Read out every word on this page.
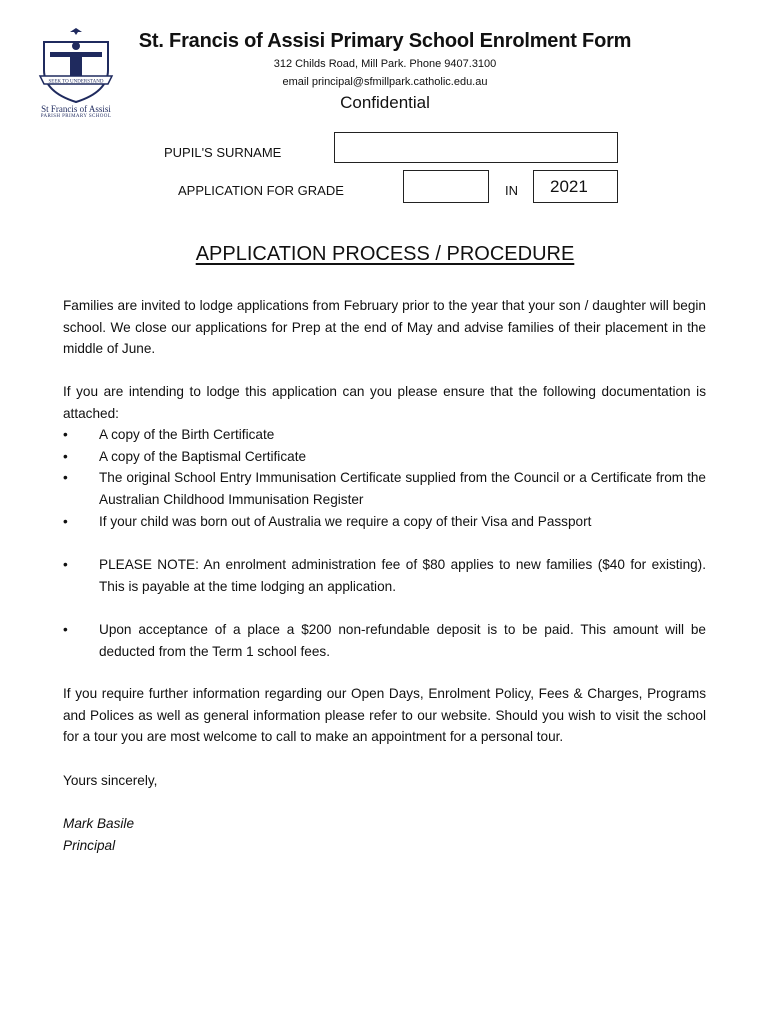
SEEK TO UNDERSTAND
St Francis of Assisi
PARISH PRIMARY SCHOOL
St. Francis of Assisi Primary School Enrolment Form
312 Childs Road, Mill Park. Phone 9407.3100
email principal@sfmillpark.catholic.edu.au
Confidential
PUPIL'S SURNAME
APPLICATION FOR GRADE	IN 2021
APPLICATION PROCESS / PROCEDURE

Families are invited to lodge applications from February prior to the year that your son / daughter will begin school. We close our applications for Prep at the end of May and advise families of their placement in the middle of June.

If you are intending to lodge this application can you please ensure that the following documentation is attached:

•	A copy of the Birth Certificate
•	A copy of the Baptismal Certificate
•	The original School Entry Immunisation Certificate supplied from the Council or a Certificate from the Australian Childhood Immunisation Register
•	If your child was born out of Australia we require a copy of their Visa and Passport
•	PLEASE NOTE: An enrolment administration fee of $80 applies to new families ($40 for existing). This is payable at the time lodging an application.
•	Upon acceptance of a place a $200 non-refundable deposit is to be paid. This amount will be deducted from the Term 1 school fees.

If you require further information regarding our Open Days, Enrolment Policy, Fees & Charges, Programs and Polices as well as general information please refer to our website. Should you wish to visit the school for a tour you are most welcome to call to make an appointment for a personal tour.

Yours sincerely,

Mark Basile

Principal
